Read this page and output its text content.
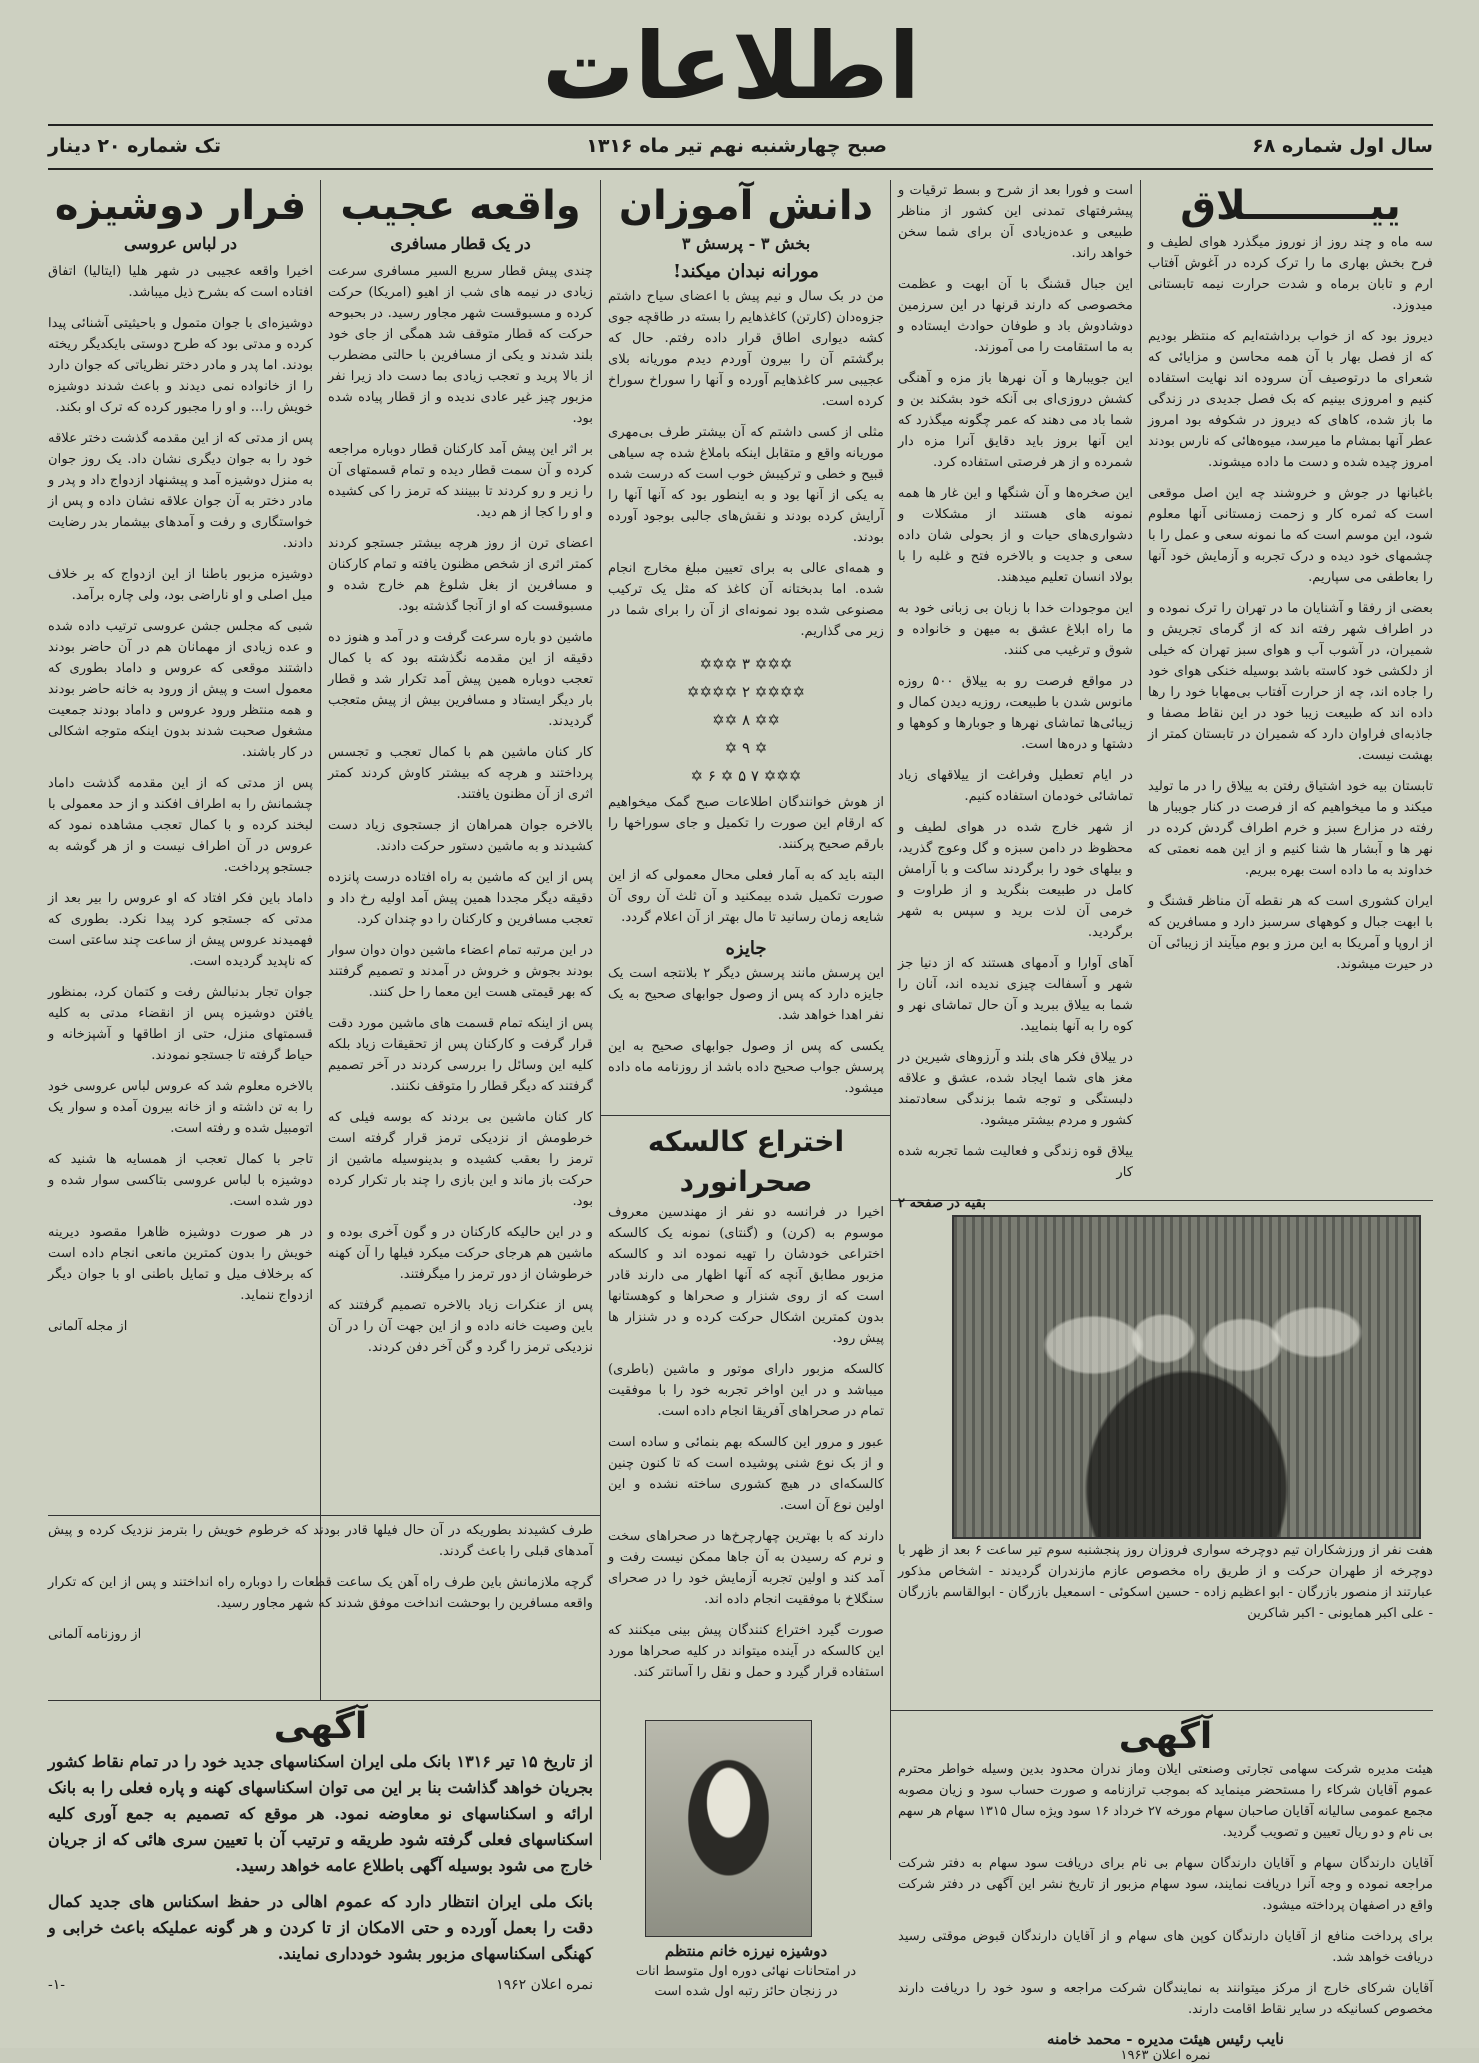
اطلاعات
سال اول شماره ۶۸
صبح چهارشنبه نهم تیر ماه ۱۳۱۶
تک شماره ۲۰ دینار
ییـــــــــلاق

سه ماه و چند روز از نوروز میگذرد هوای لطیف و فرح بخش بهاری ما را ترک کرده در آغوش آفتاب ارم و تابان برماه و شدت حرارت نیمه تابستانی میدوزد.

دیروز بود که از خواب برداشته‌ایم که منتظر بودیم که از فصل بهار با آن همه محاسن و مزایائی که شعرای ما درتوصیف آن سروده اند نهایت استفاده کنیم و امروزی بینیم که بک فصل جدیدی در زندگی ما باز شده، کاهای که دیروز در شکوفه بود امروز عطر آنها بمشام ما میرسد، میوه‌هائی که نارس بودند امروز چیده شده و دست ما داده میشوند.

باغبانها در جوش و خروشند چه این اصل موقعی است که ثمره کار و زحمت زمستانی آنها معلوم شود، این موسم است که ما نمونه سعی و عمل را با چشمهای خود دیده و درک تجربه و آزمایش خود آنها را بعاطفی می سپاریم.

بعضی از رفقا و آشنایان ما در تهران را ترک نموده و در اطراف شهر رفته اند که از گرمای تجریش و شمیران، در آشوب آب و هوای سبز تهران که خیلی از دلکشی خود کاسته باشد بوسیله خنکی هوای خود را جاده اند، چه از حرارت آفتاب بی‌مهابا خود را رها داده اند که طبیعت زیبا خود در این نقاط مصفا و جاذبه‌ای فراوان دارد که شمیران در تابستان کمتر از بهشت نیست.

تابستان بیه خود اشتیاق رفتن به ییلاق را در ما تولید میکند و ما میخواهیم که از فرصت در کنار جویبار ها رفته در مزارع سبز و خرم اطراف گردش کرده در نهر ها و آبشار ها شنا کنیم و از این همه نعمتی که خداوند به ما داده است بهره ببریم.

ایران کشوری است که هر نقطه آن مناظر قشنگ و با ابهت جبال و کوههای سرسبز دارد و مسافرین که از اروپا و آمریکا به این مرز و بوم میآیند از زیبائی آن در حیرت میشوند.

است و فورا بعد از شرح و بسط ترقیات و پیشرفتهای تمدنی این کشور از مناظر طبیعی و عده‌زیادی آن برای شما سخن خواهد راند.

این جبال قشنگ با آن ابهت و عظمت مخصوصی که دارند قرنها در این سرزمین دوشادوش باد و طوفان حوادث ایستاده و به ما استقامت را می آموزند.

این جویبارها و آن نهرها باز مزه و آهنگی کشش دروزی‌ای بی آنکه خود بشکند بن و شما باد می دهند که عمر چگونه میگذرد که این آنها بروز باید دقایق آنرا مزه دار شمرده و از هر فرصتی استفاده کرد.

این صخره‌ها و آن شنگها و این غار ها همه نمونه های هستند از مشکلات و دشواری‌های حیات و از بحولی شان داده سعی و جدیت و بالاخره فتح و غلبه را با بولاد انسان تعلیم میدهند.

این موجودات خدا با زبان بی زبانی خود به ما راه ابلاغ عشق به میهن و خانواده و شوق و ترغیب می کنند.

در مواقع فرصت رو به ییلاق ۵۰۰ روزه مانوس شدن با طبیعت، روزیه دیدن کمال و زیبائی‌ها تماشای نهرها و جوبارها و کوهها و دشتها و دره‌ها است.

در ایام تعطیل وفراغت از ییلاقهای زیاد تماشائی خودمان استفاده کنیم.

از شهر خارج شده در هوای لطیف و محظوظ در دامن سبزه و گل وعوج گذرید، و بیلهای خود را برگردند ساکت و با آرامش کامل در طبیعت بنگرید و از طراوت و خرمی آن لذت برید و سپس به شهر برگردید.

آهای آوارا و آدمهای هستند که از دنیا جز شهر و آسفالت چیزی ندیده اند، آنان را شما به ییلاق ببرید و آن حال تماشای نهر و کوه را به آنها بنمایید.

در ییلاق فکر های بلند و آرزوهای شیرین در مغز های شما ایجاد شده، عشق و علاقه دلبستگی و توجه شما بزندگی سعادتمند کشور و مردم بیشتر میشود.

ییلاق قوه زندگی و فعالیت شما تجربه شده کار

بقیه در صفحه ۲

هفت نفر از ورزشکاران تیم دوچرخه سواری فروزان روز پنجشنبه سوم تیر ساعت ۶ بعد از ظهر با دوچرخه از طهران حرکت و از طریق راه مخصوص عازم مازندران گردیدند - اشخاص مذکور عبارتند از منصور بازرگان - ابو اعظیم زاده - حسین اسکوئی - اسمعیل بازرگان - ابوالقاسم بازرگان - علی اکبر همایونی - اکبر شاکرین

دانش آموزان
بخش ۳ - پرسش ۳
مورانه نبدان میکند!

من در بک سال و نیم پیش با اعضای سیاح داشتم جزوه‌دان (کارتن) کاغذهایم را بسته در طاقچه جوی کشه دیواری اطاق قرار داده رفتم. حال که برگشتم آن را بیرون آوردم دیدم موریانه بلای عجیبی سر کاغذهایم آورده و آنها را سوراخ سوراخ کرده است.

مثلی از کسی داشتم که آن بیشتر طرف بی‌مهری موریانه واقع و متقابل اینکه باملاغ شده چه سیاهی قبیح و خطی و ترکیبش خوب است که درست شده به یکی از آنها بود و به اینطور بود که آنها آنها را آرایش کرده بودند و نقش‌های جالبی بوجود آورده بودند.

و همه‌ای عالی به برای تعیین مبلغ مخارج انجام شده. اما بدبختانه آن کاغذ که مثل یک ترکیب مصنوعی شده بود نمونه‌ای از آن را برای شما در زیر می گذاریم.

✡✡✡ ۳ ✡✡✡
✡✡✡✡ ۲ ✡✡✡✡
✡✡ ۸ ✡✡
✡ ۹ ✡
✡✡✡ ۷ ۵ ✡ ۶ ✡

از هوش خوانندگان اطلاعات صبح گمک میخواهیم که ارقام این صورت را تکمیل و جای سوراخها را بارقم صحیح پرکنند.

البته باید که به آمار فعلی محال معمولی که از این صورت تکمیل شده بیمکنید و آن ثلث آن روی آن شایعه زمان رسانید تا مال بهتر از آن اعلام گردد.

جایزه

این پرسش مانند پرسش دیگر ۲ بلانتجه است یک جایزه دارد که پس از وصول جوابهای صحیح به یک نفر اهدا خواهد شد.

یکسی که پس از وصول جوابهای صحیح به این پرسش جواب صحیح داده باشد از روزنامه ماه داده میشود.

اختراع کالسکه صحرانورد

اخیرا در فرانسه دو نفر از مهندسین معروف موسوم به (کرن) و (گنتای) نمونه یک کالسکه اختراعی خودشان را تهیه نموده اند و کالسکه مزبور مطابق آنچه که آنها اظهار می دارند قادر است که از روی شنزار و صحراها و کوهستانها بدون کمترین اشکال حرکت کرده و در شنزار ها پیش رود.

کالسکه مزبور دارای موتور و ماشین (باطری) میباشد و در این اواخر تجربه خود را با موفقیت تمام در صحراهای آفریقا انجام داده است.

عبور و مرور این کالسکه بهم بنمائی و ساده است و از بک نوع شنی پوشیده است که تا کنون چنین کالسکه‌ای در هیچ کشوری ساخته نشده و این اولین نوع آن است.

دارند که با بهترین چهارچرخ‌ها در صحراهای سخت و نرم که رسیدن به آن جاها ممکن نیست رفت و آمد کند و اولین تجربه آزمایش خود را در صحرای سنگلاخ با موفقیت انجام داده اند.

صورت گیرد اختراع کنندگان پیش بینی میکنند که این کالسکه در آینده میتواند در کلیه صحراها مورد استفاده قرار گیرد و حمل و نقل را آسانتر کند.

واقعه عجیب
در یک قطار مسافری

چندی پیش قطار سریع السیر مسافری سرعت زیادی در نیمه های شب از اهیو (امریکا) حرکت کرده و مسبوقست شهر مجاور رسید. در بحبوحه حرکت که قطار متوقف شد همگی از جای خود بلند شدند و یکی از مسافرین با حالتی مضطرب از بالا پرید و تعجب زیادی بما دست داد زیرا نفر مزبور چیز غیر عادی ندیده و از قطار پیاده شده بود.

بر اثر این پیش آمد کارکنان قطار دوباره مراجعه کرده و آن سمت قطار دیده و تمام قسمتهای آن را زیر و رو کردند تا ببینند که ترمز را کی کشیده و او را کجا از هم دید.

اعضای ترن از روز هرچه بیشتر جستجو کردند کمتر اثری از شخص مظنون یافته و تمام کارکنان و مسافرین از بغل شلوغ هم خارج شده و مسبوقست که او از آنجا گذشته بود.

ماشین دو باره سرعت گرفت و در آمد و هنوز ده دقیقه از این مقدمه نگذشته بود که با کمال تعجب دوباره همین پیش آمد تکرار شد و قطار بار دیگر ایستاد و مسافرین بیش از پیش متعجب گردیدند.

کار کنان ماشین هم با کمال تعجب و تجسس پرداختند و هرچه که بیشتر کاوش کردند کمتر اثری از آن مظنون یافتند.

بالاخره جوان همراهان از جستجوی زیاد دست کشیدند و به ماشین دستور حرکت دادند.

پس از این که ماشین به راه افتاده درست پانزده دقیقه دیگر مجددا همین پیش آمد اولیه رخ داد و تعجب مسافرین و کارکنان را دو چندان کرد.

در این مرتبه تمام اعضاء ماشین دوان دوان سوار بودند بجوش و خروش در آمدند و تصمیم گرفتند که بهر قیمتی هست این معما را حل کنند.

پس از اینکه تمام قسمت های ماشین مورد دقت قرار گرفت و کارکنان پس از تحقیقات زیاد بلکه کلیه این وسائل را بررسی کردند در آخر تصمیم گرفتند که دیگر قطار را متوقف نکنند.

کار کنان ماشین بی بردند که بوسه فیلی که خرطومش از نزدیکی ترمز قرار گرفته است ترمز را بعقب کشیده و بدینوسیله ماشین از حرکت باز ماند و این بازی را چند بار تکرار کرده بود.

و در این حالیکه کارکنان در و گون آخری بوده و ماشین هم هرجای حرکت میکرد فیلها را آن کهنه خرطوشان از دور ترمز را میگرفتند.

پس از عنکرات زیاد بالاخره تصمیم گرفتند که باین وصیت خانه داده و از این جهت آن را در آن نزدیکی ترمز را گرد و گن آخر دفن کردند.

فرار دوشیزه
در لباس عروسی

اخیرا واقعه عجیبی در شهر هلیا (ایتالیا) اتفاق افتاده است که بشرح ذیل میباشد.

دوشیزه‌ای با جوان متمول و باحیثیتی آشنائی پیدا کرده و مدتی بود که طرح دوستی بایکدیگر ریخته بودند. اما پدر و مادر دختر نظریاتی که جوان دارد را از خانواده نمی دیدند و باعث شدند دوشیزه خویش را... و او را مجبور کرده که ترک او بکند.

پس از مدتی که از این مقدمه گذشت دختر علاقه خود را به جوان دیگری نشان داد. یک روز جوان به منزل دوشیزه آمد و پیشنهاد ازدواج داد و پدر و مادر دختر به آن جوان علاقه نشان داده و پس از خواستگاری و رفت و آمدهای بیشمار بدر رضایت دادند.

دوشیزه مزبور باطنا از این ازدواج که بر خلاف میل اصلی و او ناراضی بود، ولی چاره برآمد.

شبی که مجلس جشن عروسی ترتیب داده شده و عده زیادی از مهمانان هم در آن حاضر بودند داشتند موقعی که عروس و داماد بطوری که معمول است و پیش از ورود به خانه حاضر بودند و همه منتظر ورود عروس و داماد بودند جمعیت مشغول صحبت شدند بدون اینکه متوجه اشکالی در کار باشند.

پس از مدتی که از این مقدمه گذشت داماد چشمانش را به اطراف افکند و از حد معمولی با لبخند کرده و با کمال تعجب مشاهده نمود که عروس در آن اطراف نیست و از هر گوشه به جستجو پرداخت.

داماد باین فکر افتاد که او عروس را بیر بعد از مدتی که جستجو کرد پیدا نکرد. بطوری که فهمیدند عروس پیش از ساعت چند ساعتی است که ناپدید گردیده است.

جوان تجار بدنبالش رفت و کتمان کرد، بمنظور یافتن دوشیزه پس از انقضاء مدتی به کلیه قسمتهای منزل، حتی از اطاقها و آشپزخانه و حیاط گرفته تا جستجو نمودند.

بالاخره معلوم شد که عروس لباس عروسی خود را به تن داشته و از خانه بیرون آمده و سوار یک اتومبیل شده و رفته است.

تاجر با کمال تعجب از همسایه ها شنید که دوشیزه با لباس عروسی بتاکسی سوار شده و دور شده است.

در هر صورت دوشیزه ظاهرا مقصود دیرینه خویش را بدون کمترین مانعی انجام داده است که برخلاف میل و تمایل باطنی او با جوان دیگر ازدواج ننماید.

از مجله آلمانی

طرف کشیدند بطوریکه در آن حال فیلها قادر بودند که خرطوم خویش را بترمز نزدیک کرده و پیش آمدهای قبلی را باعث گردند.

گرچه ملازمانش باین طرف راه آهن یک ساعت قطعات را دوباره راه انداختند و پس از این که تکرار واقعه مسافرین را بوحشت انداخت موفق شدند که شهر مجاور رسید.

از روزنامه آلمانی

آگهی

از تاریخ ۱۵ تیر ۱۳۱۶ بانک ملی ایران اسکناسهای جدید خود را در تمام نقاط کشور بجریان خواهد گذاشت بنا بر این می توان اسکناسهای کهنه و پاره فعلی را به بانک ارائه و اسکناسهای نو معاوضه نمود. هر موقع که تصمیم به جمع آوری کلیه اسکناسهای فعلی گرفته شود طریقه و ترتیب آن با تعیین سری هائی که از جریان خارج می شود بوسیله آگهی باطلاع عامه خواهد رسید.

بانک ملی ایران انتظار دارد که عموم اهالی در حفظ اسکناس های جدید کمال دقت را بعمل آورده و حتی الامکان از تا کردن و هر گونه عملیکه باعث خرابی و کهنگی اسکناسهای مزبور بشود خودداری نمایند.

نمره اعلان ۱۹۶۲
-۱-
دوشیزه نیرزه خانم منتظم
در امتحانات نهائی دوره اول متوسط انات
در زنجان حائز رتبه اول شده است
آگهی

هیئت مدیره شرکت سهامی تجارتی وصنعتی ایلان وماز ندران محدود بدین وسیله خواطر محترم عموم آقایان شرکاء را مستحضر مینماید که بموجب ترازنامه و صورت حساب سود و زیان مصوبه مجمع عمومی سالیانه آقایان صاحبان سهام مورخه ۲۷ خرداد ۱۶ سود ویژه سال ۱۳۱۵ سهام هر سهم بی نام و دو ریال تعیین و تصویب گردید.

آقایان دارندگان سهام و آقایان دارندگان سهام بی نام برای دریافت سود سهام به دفتر شرکت مراجعه نموده و وجه آنرا دریافت نمایند، سود سهام مزبور از تاریخ نشر این آگهی در دفتر شرکت واقع در اصفهان پرداخته میشود.

برای پرداخت منافع از آقایان دارندگان کوپن های سهام و از آقایان دارندگان قبوض موقتی رسید دریافت خواهد شد.

آقایان شرکای خارج از مرکز میتوانند به نمایندگان شرکت مراجعه و سود خود را دریافت دارند مخصوص کسانیکه در سایر نقاط اقامت دارند.

نایب رئیس هیئت مدیره - محمد خامنه
نمره اعلان ۱۹۶۳
